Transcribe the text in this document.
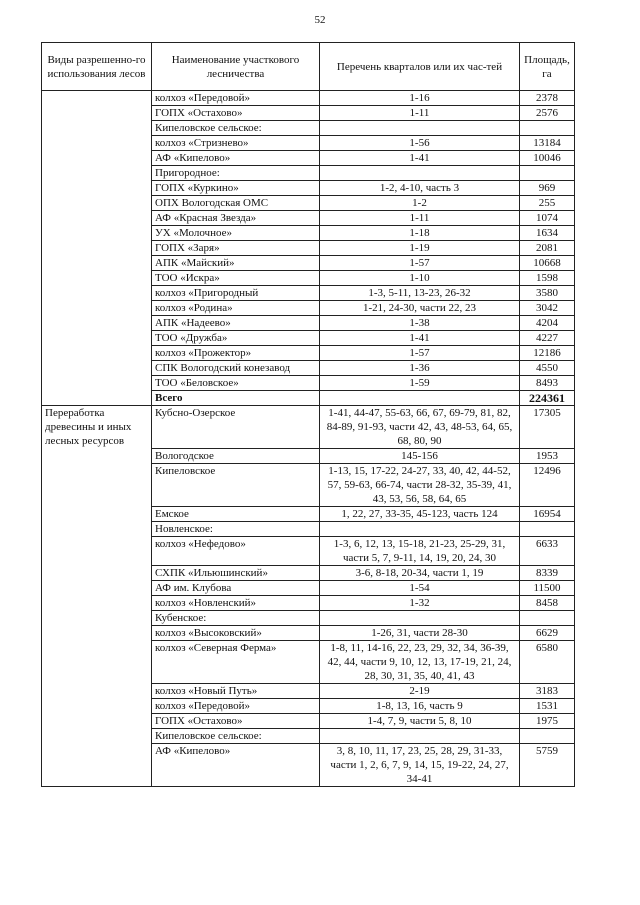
52
Виды разрешенно-го использования лесов	Наименование участкового лесничества	Перечень кварталов или их час-тей	Площадь, га
	колхоз «Передовой»	1-16	2378
	ГОПХ «Остахово»	1-11	2576
	Кипеловское сельское:		
	колхоз «Стризнево»	1-56	13184
	АФ «Кипелово»	1-41	10046
	Пригородное:		
	ГОПХ «Куркино»	1-2, 4-10, часть 3	969
	ОПХ Вологодская ОМС	1-2	255
	АФ «Красная Звезда»	1-11	1074
	УХ «Молочное»	1-18	1634
	ГОПХ «Заря»	1-19	2081
	АПК «Майский»	1-57	10668
	ТОО «Искра»	1-10	1598
	колхоз «Пригородный	1-3, 5-11, 13-23, 26-32	3580
	колхоз «Родина»	1-21, 24-30, части 22, 23	3042
	АПК «Надеево»	1-38	4204
	ТОО «Дружба»	1-41	4227
	колхоз «Прожектор»	1-57	12186
	СПК Вологодский конезавод	1-36	4550
	ТОО «Беловское»	1-59	8493
	Всего		224361
Переработка древесины и иных лесных ресурсов	Кубсно-Озерское	1-41, 44-47, 55-63, 66, 67, 69-79, 81, 82, 84-89, 91-93, части 42, 43, 48-53, 64, 65, 68, 80, 90	17305
	Вологодское	145-156	1953
	Кипеловское	1-13, 15, 17-22, 24-27, 33, 40, 42, 44-52, 57, 59-63, 66-74, части 28-32, 35-39, 41, 43, 53, 56, 58, 64, 65	12496
	Емское	1, 22, 27, 33-35, 45-123, часть 124	16954
	Новленское:		
	колхоз «Нефедово»	1-3, 6, 12, 13, 15-18, 21-23, 25-29, 31, части 5, 7, 9-11, 14, 19, 20, 24, 30	6633
	СХПК «Ильюшинский»	3-6, 8-18, 20-34, части 1, 19	8339
	АФ им. Клубова	1-54	11500
	колхоз «Новленский»	1-32	8458
	Кубенское:		
	колхоз «Высоковский»	1-26, 31, части 28-30	6629
	колхоз «Северная Ферма»	1-8, 11, 14-16, 22, 23, 29, 32, 34, 36-39, 42, 44, части 9, 10, 12, 13, 17-19, 21, 24, 28, 30, 31, 35, 40, 41, 43	6580
	колхоз «Новый Путь»	2-19	3183
	колхоз «Передовой»	1-8, 13, 16, часть 9	1531
	ГОПХ «Остахово»	1-4, 7, 9, части 5, 8, 10	1975
	Кипеловское сельское:		
	АФ «Кипелово»	3, 8, 10, 11, 17, 23, 25, 28, 29, 31-33, части 1, 2, 6, 7, 9, 14, 15, 19-22, 24, 27, 34-41	5759
